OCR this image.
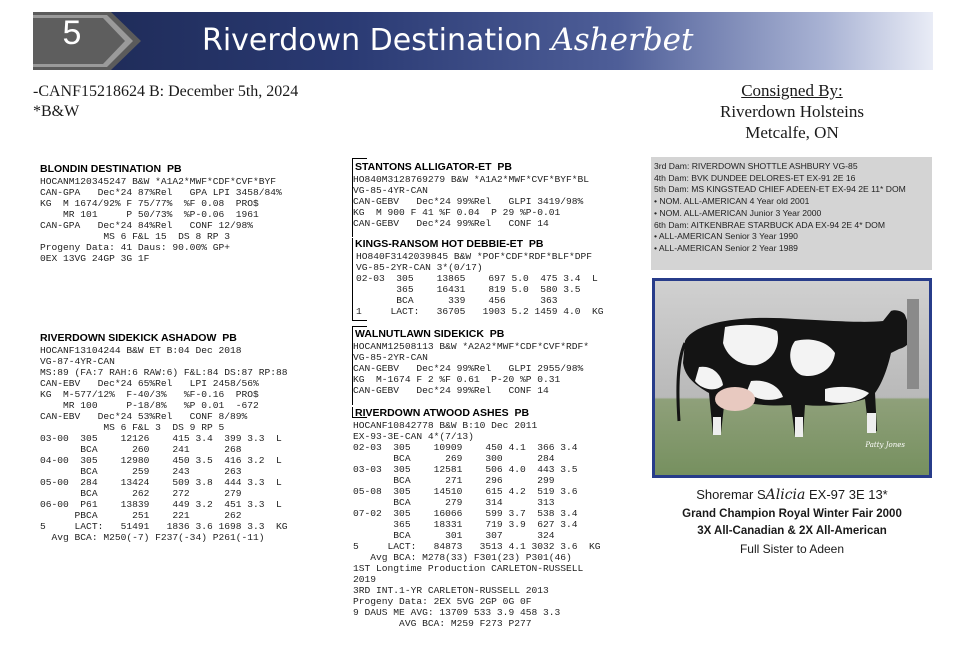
5	Riverdown Destination Asherbet
-CANF15218624 B: December 5th, 2024
*B&W
Consigned By:
Riverdown Holsteins
Metcalfe, ON
BLONDIN DESTINATION  PB
HOCANM120345247 B&W *A1A2*MWF*CDF*CVF*BYF
CAN-GPA   Dec*24 87%Rel   GPA LPI 3458/84%
KG  M 1674/92% F 75/77%  %F 0.08  PRO$
MR 101     P 50/73%  %P-0.06  1961
CAN-GPA   Dec*24 84%Rel   CONF 12/98%
MS 6 F&L 15  DS 8 RP 3
Progeny Data: 41 Daus: 90.00% GP+
0EX 13VG 24GP 3G 1F
RIVERDOWN SIDEKICK ASHADOW  PB
HOCANF13104244 B&W ET B:04 Dec 2018
VG-87-4YR-CAN
MS:89 (FA:7 RAH:6 RAW:6) F&L:84 DS:87 RP:88
CAN-EBV   Dec*24 65%Rel   LPI 2458/56%
KG  M-577/12%  F-40/3%   %F-0.16  PRO$
MR 100     P-18/8%   %P 0.01  -672
CAN-EBV   Dec*24 53%Rel   CONF 8/89%
MS 6 F&L 3  DS 9 RP 5
03-00  305    12126    415 3.4  399 3.3  L
BCA      260    241      268
04-00  305    12980    450 3.5  416 3.2  L
BCA      259    243      263
05-00  284    13424    509 3.8  444 3.3  L
BCA      262    272      279
06-00  P61    13839    449 3.2  451 3.3  L
PBCA      251    221      262
5     LACT:   51491   1836 3.6 1698 3.3  KG
Avg BCA: M250(-7) F237(-34) P261(-11)
STANTONS ALLIGATOR-ET  PB
HO840M3128769279 B&W *A1A2*MWF*CVF*BYF*BL
VG-85-4YR-CAN
CAN-GEBV   Dec*24 99%Rel   GLPI 3419/98%
KG  M 900 F 41 %F 0.04  P 29 %P-0.01
CAN-GEBV   Dec*24 99%Rel   CONF 14
KINGS-RANSOM HOT DEBBIE-ET  PB
HO840F3142039845 B&W *POF*CDF*RDF*BLF*DPF
VG-85-2YR-CAN 3*(0/17)
02-03  305    13865    697 5.0  475 3.4  L
365    16431    819 5.0  580 3.5
BCA      339    456      363
1     LACT:   36705   1903 5.2 1459 4.0  KG
WALNUTLAWN SIDEKICK  PB
HOCANM12508113 B&W *A2A2*MWF*CDF*CVF*RDF*
VG-85-2YR-CAN
CAN-GEBV   Dec*24 99%Rel   GLPI 2955/98%
KG  M-1674 F 2 %F 0.61  P-20 %P 0.31
CAN-GEBV   Dec*24 99%Rel   CONF 14
RIVERDOWN ATWOOD ASHES  PB
HOCANF10842778 B&W B:10 Dec 2011
EX-93-3E-CAN 4*(7/13)
02-03  305    10909    450 4.1  366 3.4
BCA      269    300      284
03-03  305    12581    506 4.0  443 3.5
BCA      271    296      299
05-08  305    14510    615 4.2  519 3.6
BCA      279    314      313
07-02  305    16066    599 3.7  538 3.4
365    18331    719 3.9  627 3.4
BCA      301    307      324
5     LACT:   84873   3513 4.1 3032 3.6  KG
Avg BCA: M278(33) F301(23) P301(46)
1ST Longtime Production CARLETON-RUSSELL
2019
3RD INT.1-YR CARLETON-RUSSELL 2013
Progeny Data: 2EX 5VG 2GP 0G 0F
9 DAUS ME AVG: 13709 533 3.9 458 3.3
AVG BCA: M259 F273 P277
3rd Dam: RIVERDOWN SHOTTLE ASHBURY VG-85
4th Dam: BVK DUNDEE DELORES-ET EX-91 2E 16
5th Dam: MS KINGSTEAD CHIEF ADEEN-ET EX-94 2E 11* DOM
• NOM. ALL-AMERICAN 4 Year old 2001
• NOM. ALL-AMERICAN Junior 3 Year 2000
6th Dam: AITKENBRAE STARBUCK ADA EX-94 2E 4* DOM
• ALL-AMERICAN Senior 3 Year 1990
• ALL-AMERICAN Senior 2 Year 1989
Patty Jones
Shoremar SAlicia EX-97 3E 13*
Grand Champion Royal Winter Fair 2000
3X All-Canadian & 2X All-American
Full Sister to Adeen
